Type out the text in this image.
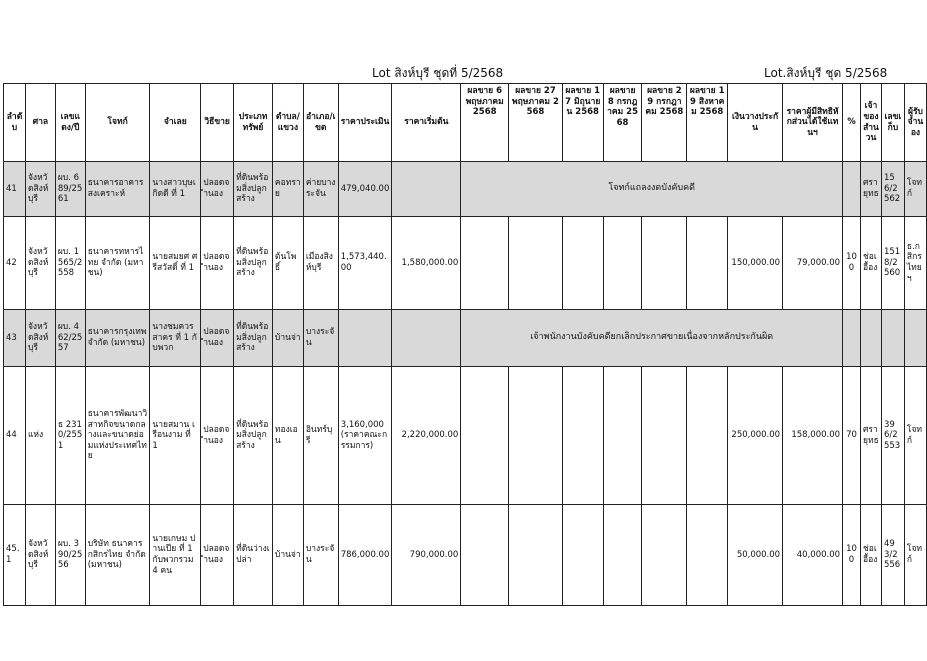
Lot สิงห์บุรี ชุดที่ 5/2568	Lot.สิงห์บุรี ชุด 5/2568
ลำดับ	ศาล	เลขแดง/ปี	โจทก์	จำเลย	วิธีขาย	ประเภททรัพย์	ตำบล/แขวง	อำเภอ/เขต	ราคาประเมิน	ราคาเริ่มต้น	ผลขาย 6 พฤษภาคม 2568	ผลขาย 27 พฤษภาคม 2568	ผลขาย 17 มิถุนายน 2568	ผลขาย 8 กรกฎาคม 2568	ผลขาย 29 กรกฎาคม 2568	ผลขาย 19 สิงหาคม 2568	เงินวางประกัน	ราคาผู้มีสิทธิหักส่วนได้ใช้แทนฯ	%	เจ้าของสำนวน	เลขเก็บ	ผู้รับจำนอง
41	จังหวัดสิงห์บุรี	ผบ. 689/2561	ธนาคารอาคารสงเคราะห์	นางสาวบุษเกิดดี ที่ 1	ปลอดจำนอง	ที่ดินพร้อมสิ่งปลูกสร้าง	คอทราย	ค่ายบางระจัน	479,040.00		โจทก์แถลงงดบังคับคดี									ศรายุทธ	156/2562	โจทก์
42	จังหวัดสิงห์บุรี	ผบ. 1565/2558	ธนาคารทหารไทย จำกัด (มหาชน)	นายสมยศ ศรีสวัสดิ์ ที่ 1	ปลอดจำนอง	ที่ดินพร้อมสิ่งปลูกสร้าง	ต้นโพธิ์	เมืองสิงห์บุรี	1,573,440.00	1,580,000.00							150,000.00	79,000.00	100	ช่อเอื้อง	1518/2560	ธ.กสิกรไทยฯ
43	จังหวัดสิงห์บุรี	ผบ. 462/2557	ธนาคารกรุงเทพ จำกัด (มหาชน)	นางชมควร สาคร ที่ 1 กับพวก	ปลอดจำนอง	ที่ดินพร้อมสิ่งปลูกสร้าง	บ้านจ่า	บางระจัน			เจ้าพนักงานบังคับคดียกเลิกประกาศขายเนื่องจากหลักประกันผิด											
44	แห่ง	ธ 2310/2551	ธนาคารพัฒนาวิสาหกิจขนาดกลางและขนาดย่อมแห่งประเทศไทย	นายสมาน เรือนงาม ที่ 1	ปลอดจำนอง	ที่ดินพร้อมสิ่งปลูกสร้าง	ทองเอน	อินทร์บุรี	3,160,000 (ราคาคณะกรรมการ)	2,220,000.00							250,000.00	158,000.00	70	ศรายุทธ	396/2553	โจทก์
45.1	จังหวัดสิงห์บุรี	ผบ. 390/2556	บริษัท ธนาคารกสิกรไทย จำกัด (มหาชน)	นายเกษม ปานเปีย ที่ 1 กับพวกรวม 4 คน	ปลอดจำนอง	ที่ดินว่างเปล่า	บ้านจ่า	บางระจัน	786,000.00	790,000.00							50,000.00	40,000.00	100	ช่อเอื้อง	493/2556	โจทก์
